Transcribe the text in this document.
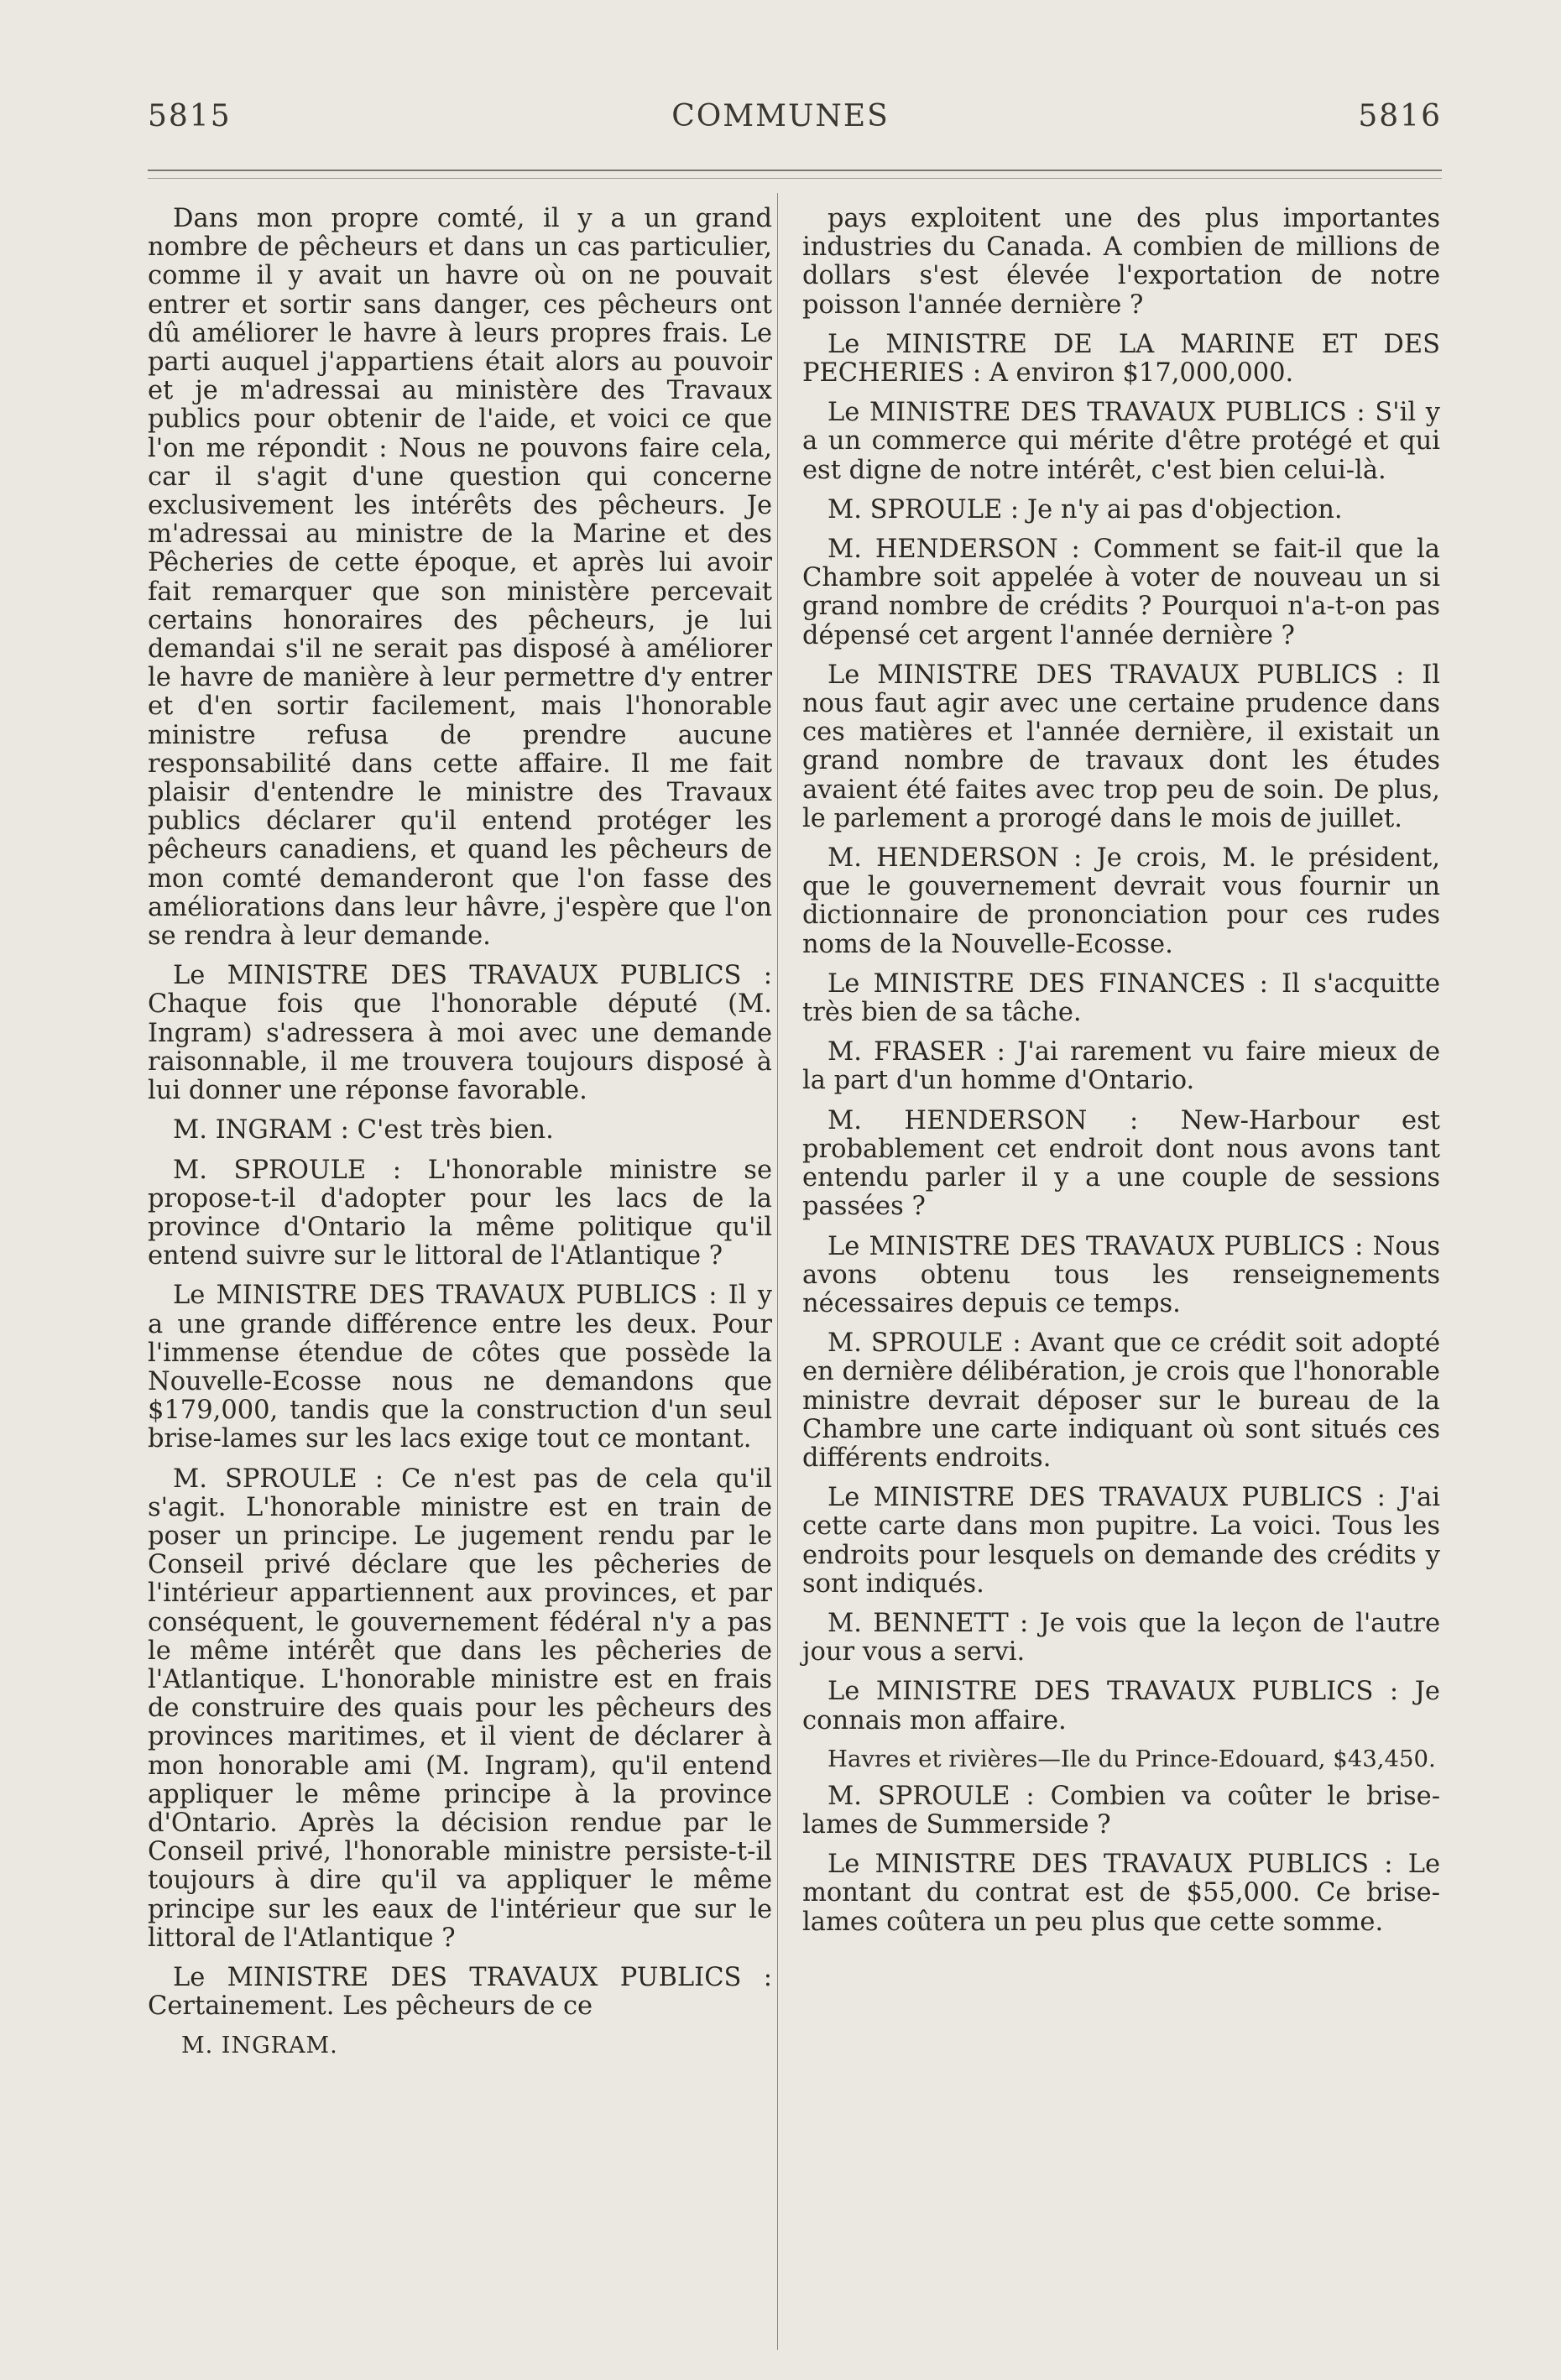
5815	COMMUNES	5816

Dans mon propre comté, il y a un grand nombre de pêcheurs et dans un cas particulier, comme il y avait un havre où on ne pouvait entrer et sortir sans danger, ces pêcheurs ont dû améliorer le havre à leurs propres frais. Le parti auquel j'appartiens était alors au pouvoir et je m'adressai au ministère des Travaux publics pour obtenir de l'aide, et voici ce que l'on me répondit : Nous ne pouvons faire cela, car il s'agit d'une question qui concerne exclusivement les intérêts des pêcheurs. Je m'adressai au ministre de la Marine et des Pêcheries de cette époque, et après lui avoir fait remarquer que son ministère percevait certains honoraires des pêcheurs, je lui demandai s'il ne serait pas disposé à améliorer le havre de manière à leur permettre d'y entrer et d'en sortir facilement, mais l'honorable ministre refusa de prendre aucune responsabilité dans cette affaire. Il me fait plaisir d'entendre le ministre des Travaux publics déclarer qu'il entend protéger les pêcheurs canadiens, et quand les pêcheurs de mon comté demanderont que l'on fasse des améliorations dans leur hâvre, j'espère que l'on se rendra à leur demande.

Le MINISTRE DES TRAVAUX PUBLICS : Chaque fois que l'honorable député (M. Ingram) s'adressera à moi avec une demande raisonnable, il me trouvera toujours disposé à lui donner une réponse favorable.

M. INGRAM : C'est très bien.

M. SPROULE : L'honorable ministre se propose-t-il d'adopter pour les lacs de la province d'Ontario la même politique qu'il entend suivre sur le littoral de l'Atlantique ?

Le MINISTRE DES TRAVAUX PUBLICS : Il y a une grande différence entre les deux. Pour l'immense étendue de côtes que possède la Nouvelle-Ecosse nous ne demandons que $179,000, tandis que la construction d'un seul brise-lames sur les lacs exige tout ce montant.

M. SPROULE : Ce n'est pas de cela qu'il s'agit. L'honorable ministre est en train de poser un principe. Le jugement rendu par le Conseil privé déclare que les pêcheries de l'intérieur appartiennent aux provinces, et par conséquent, le gouvernement fédéral n'y a pas le même intérêt que dans les pêcheries de l'Atlantique. L'honorable ministre est en frais de construire des quais pour les pêcheurs des provinces maritimes, et il vient de déclarer à mon honorable ami (M. Ingram), qu'il entend appliquer le même principe à la province d'Ontario. Après la décision rendue par le Conseil privé, l'honorable ministre persiste-t-il toujours à dire qu'il va appliquer le même principe sur les eaux de l'intérieur que sur le littoral de l'Atlantique ?

Le MINISTRE DES TRAVAUX PUBLICS : Certainement. Les pêcheurs de ce

M. INGRAM.

pays exploitent une des plus importantes industries du Canada. A combien de millions de dollars s'est élevée l'exportation de notre poisson l'année dernière ?

Le MINISTRE DE LA MARINE ET DES PECHERIES : A environ $17,000,000.

Le MINISTRE DES TRAVAUX PUBLICS : S'il y a un commerce qui mérite d'être protégé et qui est digne de notre intérêt, c'est bien celui-là.

M. SPROULE : Je n'y ai pas d'objection.

M. HENDERSON : Comment se fait-il que la Chambre soit appelée à voter de nouveau un si grand nombre de crédits ? Pourquoi n'a-t-on pas dépensé cet argent l'année dernière ?

Le MINISTRE DES TRAVAUX PUBLICS : Il nous faut agir avec une certaine prudence dans ces matières et l'année dernière, il existait un grand nombre de travaux dont les études avaient été faites avec trop peu de soin. De plus, le parlement a prorogé dans le mois de juillet.

M. HENDERSON : Je crois, M. le président, que le gouvernement devrait vous fournir un dictionnaire de prononciation pour ces rudes noms de la Nouvelle-Ecosse.

Le MINISTRE DES FINANCES : Il s'acquitte très bien de sa tâche.

M. FRASER : J'ai rarement vu faire mieux de la part d'un homme d'Ontario.

M. HENDERSON : New-Harbour est probablement cet endroit dont nous avons tant entendu parler il y a une couple de sessions passées ?

Le MINISTRE DES TRAVAUX PUBLICS : Nous avons obtenu tous les renseignements nécessaires depuis ce temps.

M. SPROULE : Avant que ce crédit soit adopté en dernière délibération, je crois que l'honorable ministre devrait déposer sur le bureau de la Chambre une carte indiquant où sont situés ces différents endroits.

Le MINISTRE DES TRAVAUX PUBLICS : J'ai cette carte dans mon pupitre. La voici. Tous les endroits pour lesquels on demande des crédits y sont indiqués.

M. BENNETT : Je vois que la leçon de l'autre jour vous a servi.

Le MINISTRE DES TRAVAUX PUBLICS : Je connais mon affaire.

Havres et rivières—Ile du Prince-Edouard, $43,450.

M. SPROULE : Combien va coûter le brise-lames de Summerside ?

Le MINISTRE DES TRAVAUX PUBLICS : Le montant du contrat est de $55,000. Ce brise-lames coûtera un peu plus que cette somme.
